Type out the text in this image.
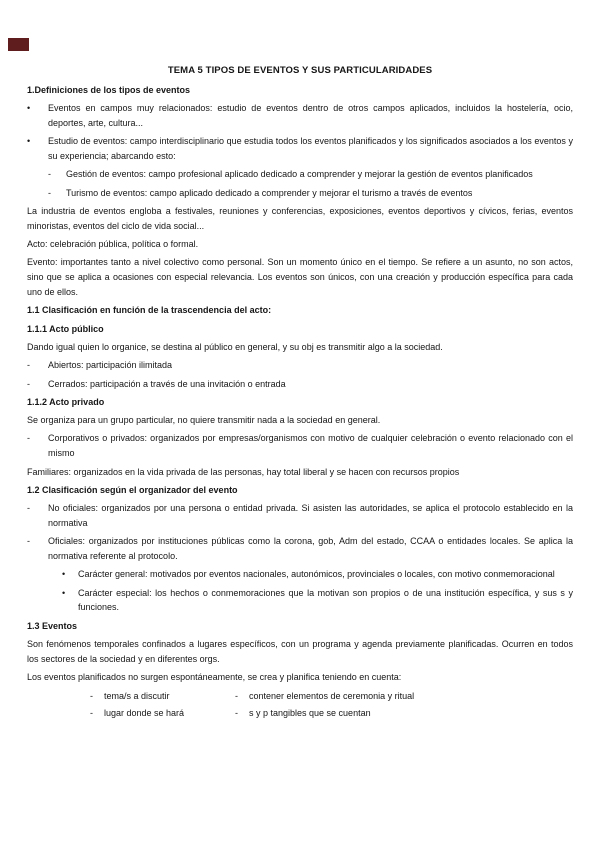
TEMA 5 TIPOS DE EVENTOS Y SUS PARTICULARIDADES
1.Definiciones de los tipos de eventos
•	Eventos en campos muy relacionados: estudio de eventos dentro de otros campos aplicados, incluidos la hostelería, ocio, deportes, arte, cultura...
•	Estudio de eventos: campo interdisciplinario que estudia todos los eventos planificados y los significados asociados a los eventos y su experiencia; abarcando esto:
-	Gestión de eventos: campo profesional aplicado dedicado a comprender y mejorar la gestión de eventos planificados
-	Turismo de eventos: campo aplicado dedicado a comprender y mejorar el turismo a través de eventos
La industria de eventos engloba a festivales, reuniones y conferencias, exposiciones, eventos deportivos y cívicos, ferias, eventos minoristas, eventos del ciclo de vida social...
Acto: celebración pública, política o formal.
Evento: importantes tanto a nivel colectivo como personal. Son un momento único en el tiempo. Se refiere a un asunto, no son actos, sino que se aplica a ocasiones con especial relevancia. Los eventos son únicos, con una creación y producción específica para cada uno de ellos.
1.1 Clasificación en función de la trascendencia del acto:
1.1.1 Acto público
Dando igual quien lo organice, se destina al público en general, y su obj es transmitir algo a la sociedad.
-	Abiertos: participación ilimitada
-	Cerrados: participación a través de una invitación o entrada
1.1.2 Acto privado
Se organiza para un grupo particular, no quiere transmitir nada a la sociedad en general.
-	Corporativos o privados: organizados por empresas/organismos con motivo de cualquier celebración o evento relacionado con el mismo
Familiares: organizados en la vida privada de las personas, hay total liberal y se hacen con recursos propios
1.2 Clasificación según el organizador del evento
-	No oficiales: organizados por una persona o entidad privada. Si asisten las autoridades, se aplica el protocolo establecido en la normativa
-	Oficiales: organizados por instituciones públicas como la corona, gob, Adm del estado, CCAA o entidades locales. Se aplica la normativa referente al protocolo.
•	Carácter general: motivados por eventos nacionales, autonómicos, provinciales o locales, con motivo conmemoracional
•	Carácter especial: los hechos o conmemoraciones que la motivan son propios o de una institución específica, y sus s y funciones.
1.3 Eventos
Son fenómenos temporales confinados a lugares específicos, con un programa y agenda previamente planificadas. Ocurren en todos los sectores de la sociedad y en diferentes orgs.
Los eventos planificados no surgen espontáneamente, se crea y planifica teniendo en cuenta:
-	tema/s a discutir
-	lugar donde se hará
-	contener elementos de ceremonia y ritual
-	s y p tangibles que se cuentan
